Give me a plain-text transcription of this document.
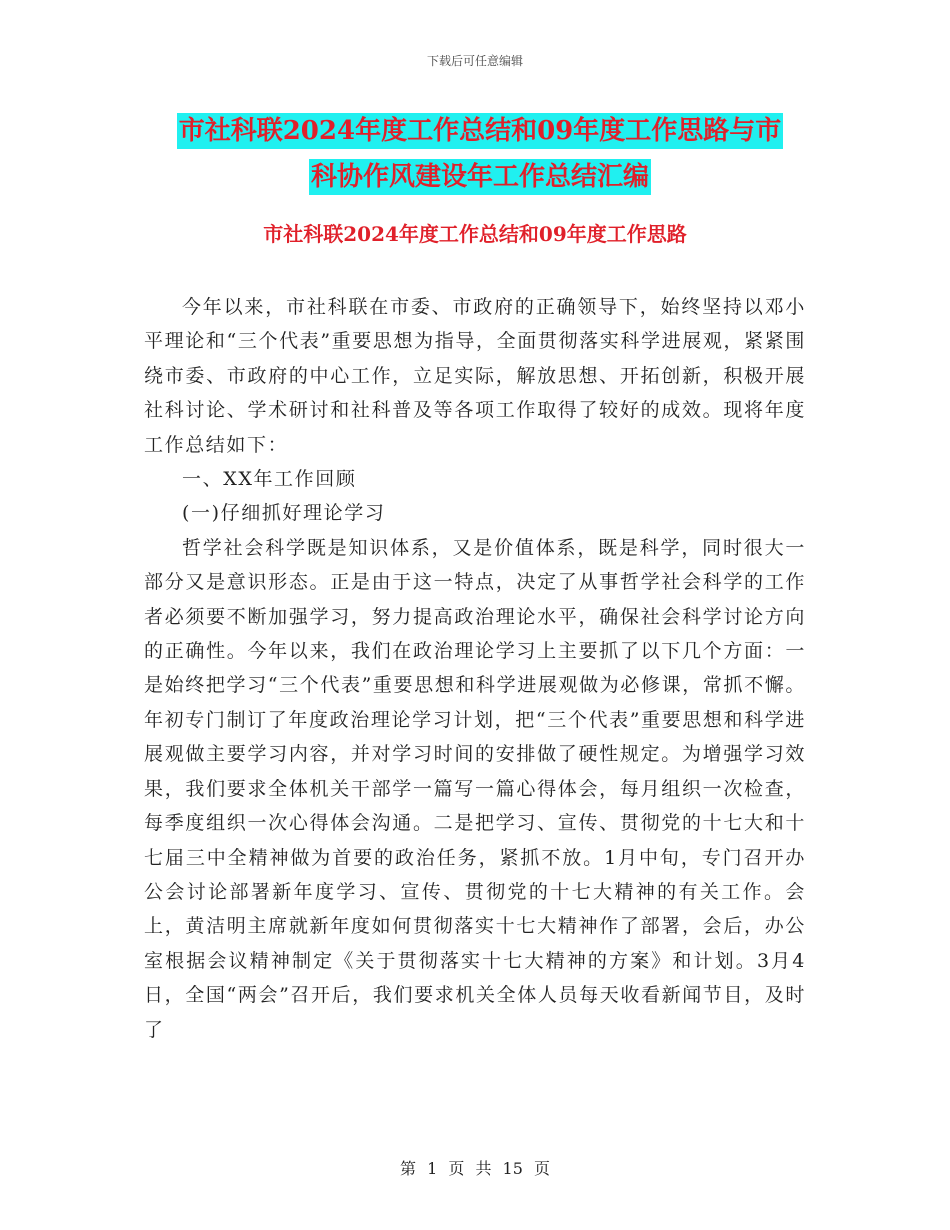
下载后可任意编辑
市社科联2024年度工作总结和09年度工作思路与市
科协作风建设年工作总结汇编
市社科联2024年度工作总结和09年度工作思路

今年以来，市社科联在市委、市政府的正确领导下，始终坚持以邓小平理论和“三个代表”重要思想为指导，全面贯彻落实科学进展观，紧紧围绕市委、市政府的中心工作，立足实际，解放思想、开拓创新，积极开展社科讨论、学术研讨和社科普及等各项工作取得了较好的成效。现将年度工作总结如下：

一、XX年工作回顾

(一)仔细抓好理论学习

哲学社会科学既是知识体系，又是价值体系，既是科学，同时很大一部分又是意识形态。正是由于这一特点，决定了从事哲学社会科学的工作者必须要不断加强学习，努力提高政治理论水平，确保社会科学讨论方向的正确性。今年以来，我们在政治理论学习上主要抓了以下几个方面：一是始终把学习“三个代表”重要思想和科学进展观做为必修课，常抓不懈。年初专门制订了年度政治理论学习计划，把“三个代表”重要思想和科学进展观做主要学习内容，并对学习时间的安排做了硬性规定。为增强学习效果，我们要求全体机关干部学一篇写一篇心得体会，每月组织一次检查，每季度组织一次心得体会沟通。二是把学习、宣传、贯彻党的十七大和十七届三中全精神做为首要的政治任务，紧抓不放。1月中旬，专门召开办公会讨论部署新年度学习、宣传、贯彻党的十七大精神的有关工作。会上，黄洁明主席就新年度如何贯彻落实十七大精神作了部署，会后，办公室根据会议精神制定《关于贯彻落实十七大精神的方案》和计划。3月4日，全国“两会”召开后，我们要求机关全体人员每天收看新闻节目，及时了

第 1 页 共 15 页
